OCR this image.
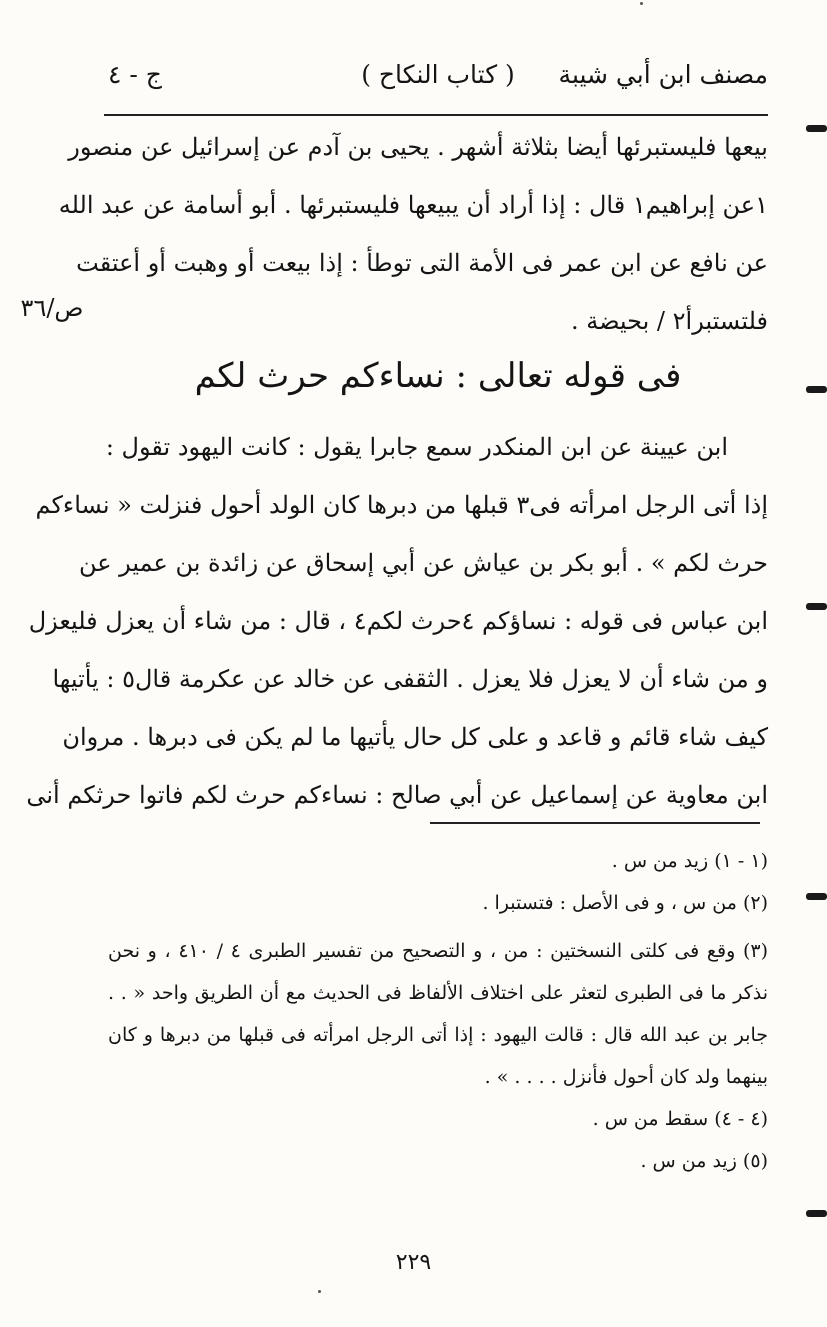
مصنف ابن أبي شيبة
( كتاب النكاح )
ج - ٤
بيعها فليستبرئها أيضا بثلاثة أشهر . يحيى بن آدم عن إسرائيل عن منصور
١عن إبراهيم١ قال : إذا أراد أن يبيعها فليستبرئها . أبو أسامة عن عبد الله
عن نافع عن ابن عمر فى الأمة التى توطأ : إذا بيعت أو وهبت أو أعتقت
فلتستبرأ٢ / بحيضة .
ص/٣٦
فى قوله تعالى : نساءكم حرث لكم
ابن عيينة عن ابن المنكدر سمع جابرا يقول : كانت اليهود تقول :
إذا أتى الرجل امرأته فى٣ قبلها من دبرها كان الولد أحول فنزلت « نساءكم
حرث لكم » . أبو بكر بن عياش عن أبي إسحاق عن زائدة بن عمير عن
ابن عباس فى قوله : نساؤكم ٤حرث لكم٤ ، قال : من شاء أن يعزل فليعزل
و من شاء أن لا يعزل فلا يعزل . الثقفى عن خالد عن عكرمة قال٥ : يأتيها
كيف شاء قائم و قاعد و على كل حال يأتيها ما لم يكن فى دبرها . مروان
ابن معاوية عن إسماعيل عن أبي صالح : نساءكم حرث لكم فاتوا حرثكم أنى
(١ - ١) زيد من س .
(٢) من س ، و فى الأصل : فتستبرا .
(٣) وقع فى كلتى النسختين : من ، و التصحيح من تفسير الطبرى ٤ / ٤١٠ ، و نحن
نذكر ما فى الطبرى لتعثر على اختلاف الألفاظ فى الحديث مع أن الطريق واحد « . .
جابر بن عبد الله قال : قالت اليهود : إذا أتى الرجل امرأته فى قبلها من دبرها و كان
بينهما ولد كان أحول فأنزل . . . . » .
(٤ - ٤) سقط من س .
(٥) زيد من س .
٢٢٩
